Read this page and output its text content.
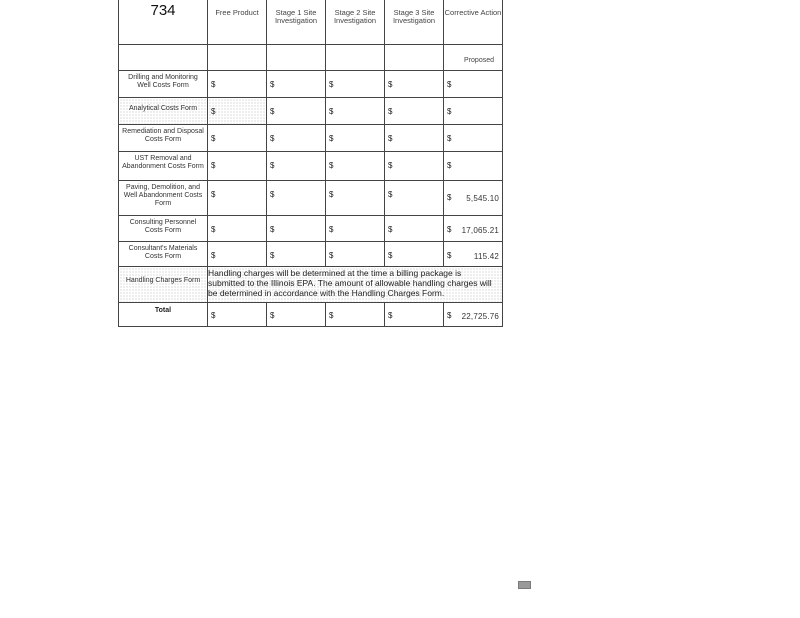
734	Free Product	Stage 1 Site Investigation	Stage 2 Site Investigation	Stage 3 Site Investigation	Corrective Action

					Proposed

Drilling and Monitoring Well Costs Form	$	$	$	$	$

Analytical Costs Form	$	$	$	$	$

Remediation and Disposal Costs Form	$	$	$	$	$

UST Removal and Abandonment Costs Form	$	$	$	$	$

Paving, Demolition, and Well Abandonment Costs Form	$	$	$	$	$ 5,545.10

Consulting Personnel Costs Form	$	$	$	$	$ 17,065.21

Consultant's Materials Costs Form	$	$	$	$	$ 115.42

Handling Charges Form	Handling charges will be determined at the time a billing package is submitted to the Illinois EPA. The amount of allowable handling charges will be determined in accordance with the Handling Charges Form.				

Total	$	$	$	$	$ 22,725.76
